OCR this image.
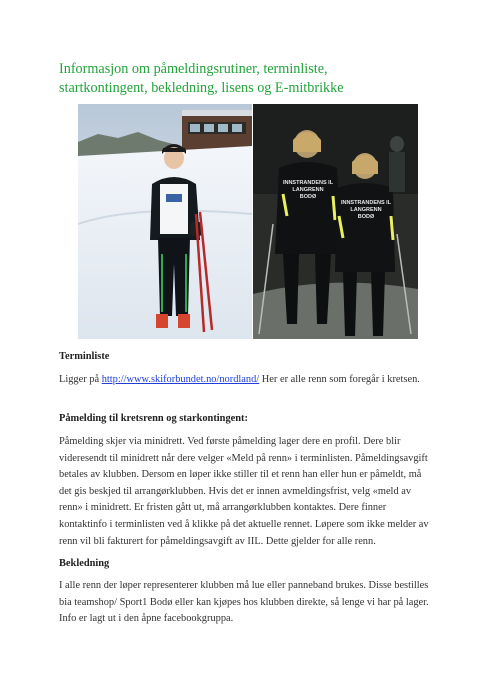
Informasjon om påmeldingsrutiner, terminliste,
startkontingent, bekledning, lisens og E-mitbrikke
INNSTRANDENS IL
LANGRENN
BODØ
INNSTRANDENS IL
LANGRENN
BODØ
Terminliste
Ligger på http://www.skiforbundet.no/nordland/ Her er alle renn som foregår i kretsen.
Påmelding til kretsrenn og starkontingent:
Påmelding skjer via minidrett. Ved første påmelding lager dere en profil. Dere blir videresendt til minidrett når dere velger «Meld på renn» i terminlisten. Påmeldingsavgift betales av klubben. Dersom en løper ikke stiller til et renn han eller hun er påmeldt, må det gis beskjed til arrangørklubben. Hvis det er innen avmeldingsfrist, velg «meld av renn» i minidrett. Er fristen gått ut, må arrangørklubben kontaktes. Dere finner kontaktinfo i terminlisten ved å klikke på det aktuelle rennet. Løpere som ikke melder av renn vil bli fakturert for påmeldingsavgift av IIL. Dette gjelder for alle renn.
Bekledning
I alle renn der løper representerer klubben må lue eller panneband brukes. Disse bestilles bia teamshop/ Sport1 Bodø eller kan kjøpes hos klubben direkte, så lenge vi har på lager. Info er lagt ut i den åpne facebookgruppa.
